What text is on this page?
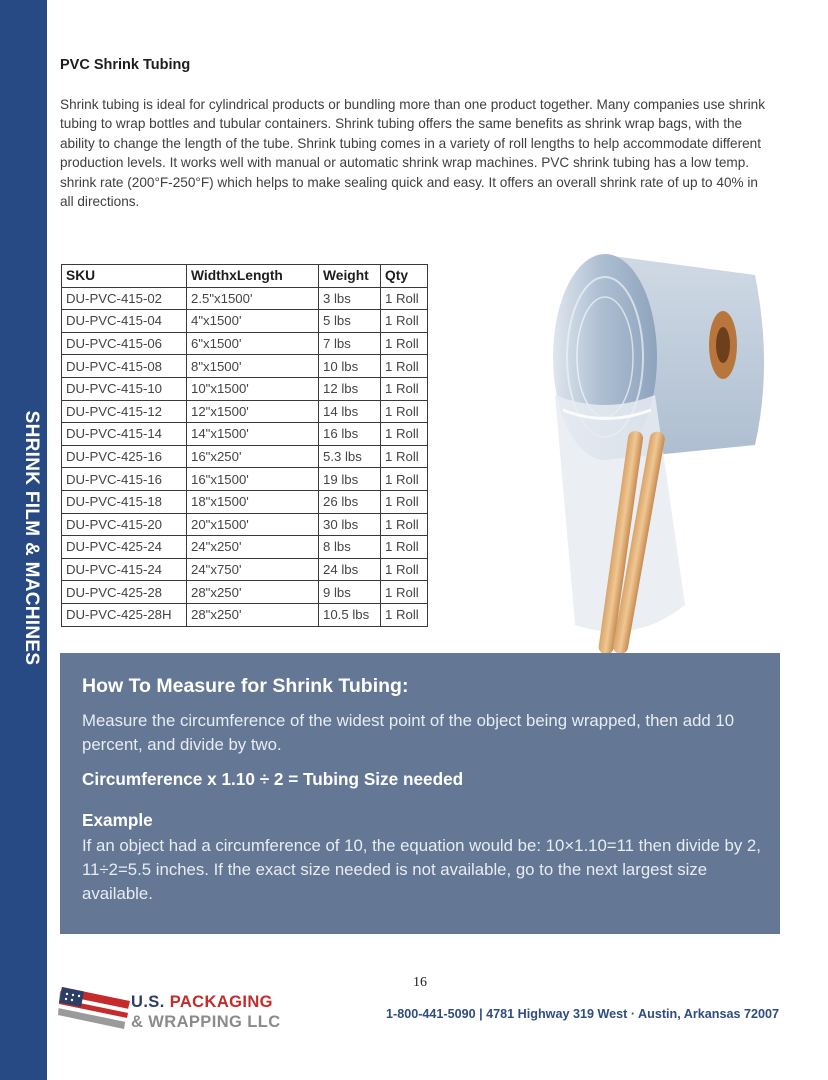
SHRINK FILM & MACHINES
PVC Shrink Tubing
Shrink tubing is ideal for cylindrical products or bundling more than one product together. Many companies use shrink tubing to wrap bottles and tubular containers. Shrink tubing offers the same benefits as shrink wrap bags, with the ability to change the length of the tube. Shrink tubing comes in a variety of roll lengths to help accommodate different production levels. It works well with manual or automatic shrink wrap machines. PVC shrink tubing has a low temp. shrink rate (200°F-250°F) which helps to make sealing quick and easy. It offers an overall shrink rate of up to 40% in all directions.
SKU	WidthxLength	Weight	Qty
DU-PVC-415-02	2.5"x1500'	3 lbs	1 Roll
DU-PVC-415-04	4"x1500'	5 lbs	1 Roll
DU-PVC-415-06	6"x1500'	7 lbs	1 Roll
DU-PVC-415-08	8"x1500'	10 lbs	1 Roll
DU-PVC-415-10	10"x1500'	12 lbs	1 Roll
DU-PVC-415-12	12"x1500'	14 lbs	1 Roll
DU-PVC-415-14	14"x1500'	16 lbs	1 Roll
DU-PVC-425-16	16"x250'	5.3 lbs	1 Roll
DU-PVC-415-16	16"x1500'	19 lbs	1 Roll
DU-PVC-415-18	18"x1500'	26 lbs	1 Roll
DU-PVC-415-20	20"x1500'	30 lbs	1 Roll
DU-PVC-425-24	24"x250'	8 lbs	1 Roll
DU-PVC-415-24	24"x750'	24 lbs	1 Roll
DU-PVC-425-28	28"x250'	9 lbs	1 Roll
DU-PVC-425-28H	28"x250'	10.5 lbs	1 Roll
How To Measure for Shrink Tubing:
Measure the circumference of the widest point of the object being wrapped, then add 10 percent, and divide by two.
Circumference x 1.10 ÷ 2 = Tubing Size needed
Example
If an object had a circumference of 10, the equation would be: 10×1.10=11 then divide by 2, 11÷2=5.5 inches. If the exact size needed is not available, go to the next largest size available.
16
U.S. PACKAGING
& WRAPPING LLC	1-800-441-5090 | 4781 Highway 319 West · Austin, Arkansas 72007
